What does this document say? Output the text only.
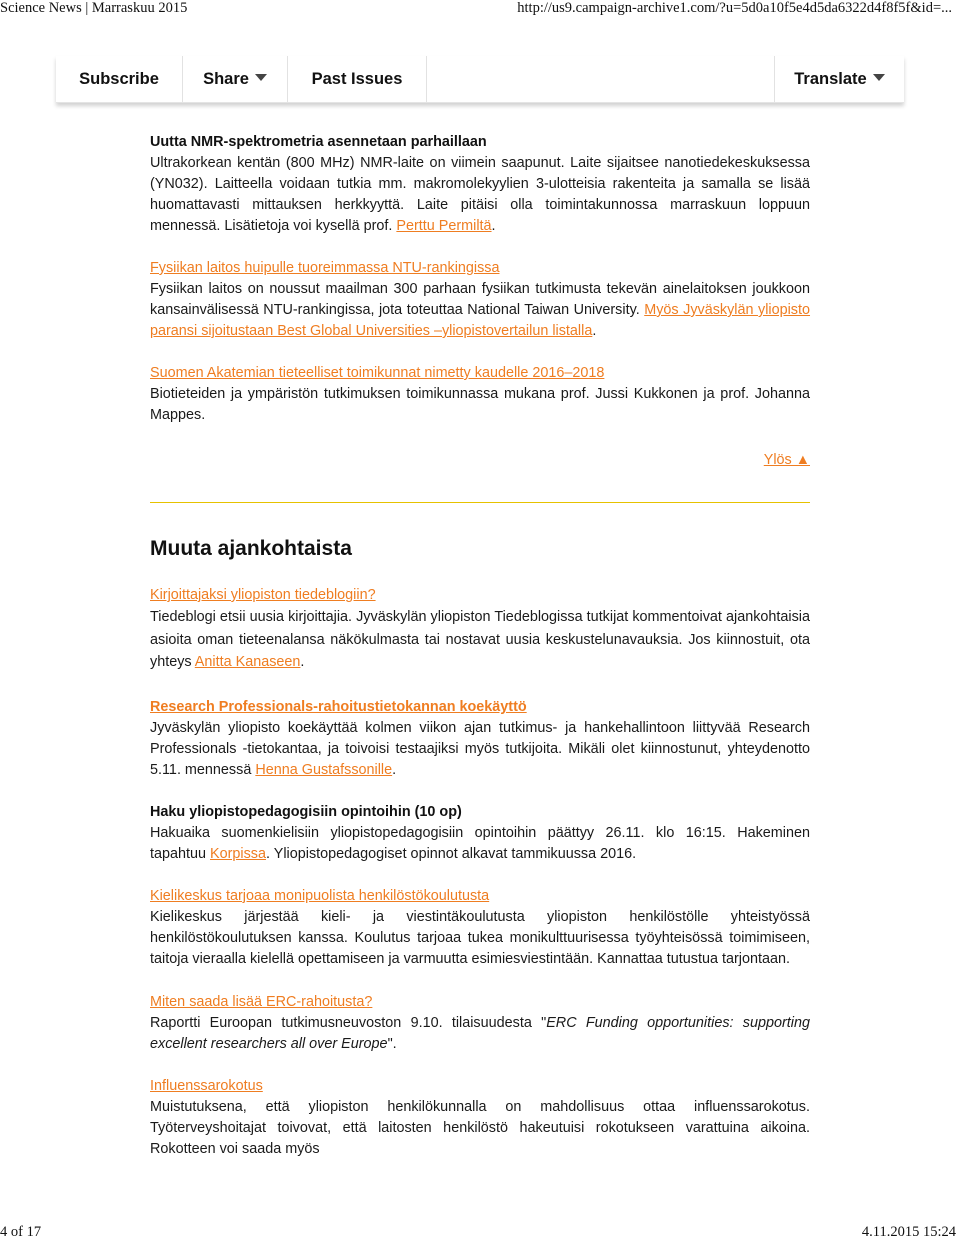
Science News | Marraskuu 2015	http://us9.campaign-archive1.com/?u=5d0a10f5e4d5da6322d4f8f5f&id=...
4 of 17	4.11.2015 15:24
Subscribe	Share	Past Issues	Translate

Uutta NMR-spektrometria asennetaan parhaillaan

Ultrakorkean kentän (800 MHz) NMR-laite on viimein saapunut. Laite sijaitsee nanotiedekeskuksessa (YN032). Laitteella voidaan tutkia mm. makromolekyylien 3-ulotteisia rakenteita ja samalla se lisää huomattavasti mittauksen herkkyyttä. Laite pitäisi olla toimintakunnossa marraskuun loppuun mennessä. Lisätietoja voi kysellä prof. Perttu Permiltä.

Fysiikan laitos huipulle tuoreimmassa NTU-rankingissa

Fysiikan laitos on noussut maailman 300 parhaan fysiikan tutkimusta tekevän ainelaitoksen joukkoon kansainvälisessä NTU-rankingissa, jota toteuttaa National Taiwan University. Myös Jyväskylän yliopisto paransi sijoitustaan Best Global Universities –yliopistovertailun listalla.

Suomen Akatemian tieteelliset toimikunnat nimetty kaudelle 2016–2018

Biotieteiden ja ympäristön tutkimuksen toimikunnassa mukana prof. Jussi Kukkonen ja prof. Johanna Mappes.

Ylös ▲
Muuta ajankohtaista

Kirjoittajaksi yliopiston tiedeblogiin?

Tiedeblogi etsii uusia kirjoittajia. Jyväskylän yliopiston Tiedeblogissa tutkijat kommentoivat ajankohtaisia asioita oman tieteenalansa näkökulmasta tai nostavat uusia keskustelunavauksia. Jos kiinnostuit, ota yhteys Anitta Kanaseen.

Research Professionals-rahoitustietokannan koekäyttö

Jyväskylän yliopisto koekäyttää kolmen viikon ajan tutkimus- ja hankehallintoon liittyvää Research Professionals -tietokantaa, ja toivoisi testaajiksi myös tutkijoita. Mikäli olet kiinnostunut, yhteydenotto 5.11. mennessä Henna Gustafssonille.

Haku yliopistopedagogisiin opintoihin (10 op)

Hakuaika suomenkielisiin yliopistopedagogisiin opintoihin päättyy 26.11. klo 16:15. Hakeminen tapahtuu Korpissa. Yliopistopedagogiset opinnot alkavat tammikuussa 2016.

Kielikeskus tarjoaa monipuolista henkilöstökoulutusta

Kielikeskus järjestää kieli- ja viestintäkoulutusta yliopiston henkilöstölle yhteistyössä henkilöstökoulutuksen kanssa. Koulutus tarjoaa tukea monikulttuurisessa työyhteisössä toimimiseen, taitoja vieraalla kielellä opettamiseen ja varmuutta esimiesviestintään. Kannattaa tutustua tarjontaan.

Miten saada lisää ERC-rahoitusta?

Raportti Euroopan tutkimusneuvoston 9.10. tilaisuudesta "ERC Funding opportunities: supporting excellent researchers all over Europe".

Influenssarokotus

Muistutuksena, että yliopiston henkilökunnalla on mahdollisuus ottaa influenssarokotus. Työterveyshoitajat toivovat, että laitosten henkilöstö hakeutuisi rokotukseen varattuina aikoina. Rokotteen voi saada myös
